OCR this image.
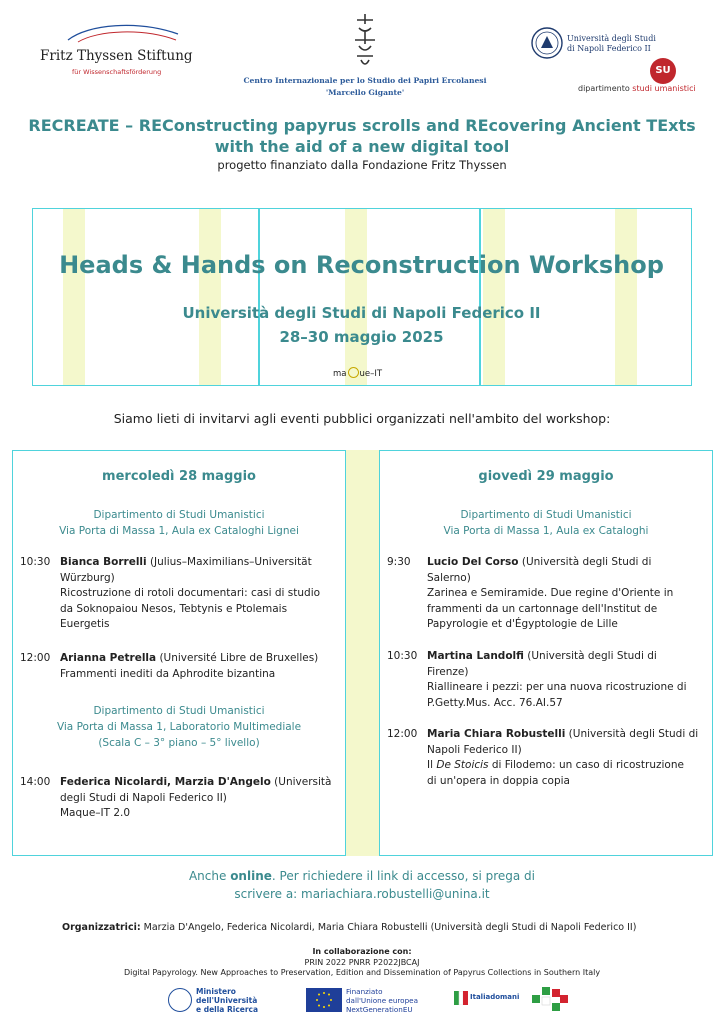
Fritz Thyssen Stiftung
für Wissenschaftsförderung
Centro Internazionale per lo Studio dei Papiri Ercolanesi
'Marcello Gigante'
Università degli Studi
di Napoli Federico II
SU
dipartimento studi umanistici
RECREATE – REConstructing papyrus scrolls and REcovering Ancient TExts
with the aid of a new digital tool
progetto finanziato dalla Fondazione Fritz Thyssen
Heads & Hands on Reconstruction Workshop
Università degli Studi di Napoli Federico II
28–30 maggio 2025
ma ue–IT
Siamo lieti di invitarvi agli eventi pubblici organizzati nell'ambito del workshop:
mercoledì 28 maggio
Dipartimento di Studi Umanistici
Via Porta di Massa 1, Aula ex Cataloghi Lignei
10:30 Bianca Borrelli (Julius–Maximilians–Universität
Würzburg)
Ricostruzione di rotoli documentari: casi di studio
da Soknopaiou Nesos, Tebtynis e Ptolemais
Euergetis
12:00 Arianna Petrella (Université Libre de Bruxelles)
Frammenti inediti da Aphrodite bizantina
Dipartimento di Studi Umanistici
Via Porta di Massa 1, Laboratorio Multimediale
(Scala C – 3° piano – 5° livello)
14:00 Federica Nicolardi, Marzia D'Angelo (Università
degli Studi di Napoli Federico II)
Maque–IT 2.0
giovedì 29 maggio
Dipartimento di Studi Umanistici
Via Porta di Massa 1, Aula ex Cataloghi
9:30	Lucio Del Corso (Università degli Studi di
Salerno)
Zarinea e Semiramide. Due regine d'Oriente in
frammenti da un cartonnage dell'Institut de
Papyrologie et d'Égyptologie de Lille
10:30 Martina Landolfi (Università degli Studi di
Firenze)
Riallineare i pezzi: per una nuova ricostruzione di
P.Getty.Mus. Acc. 76.AI.57
12:00 Maria Chiara Robustelli (Università degli Studi di
Napoli Federico II)
Il De Stoicis di Filodemo: un caso di ricostruzione
di un'opera in doppia copia
Anche online. Per richiedere il link di accesso, si prega di
scrivere a: mariachiara.robustelli@unina.it
Organizzatrici: Marzia D'Angelo, Federica Nicolardi, Maria Chiara Robustelli (Università degli Studi di Napoli Federico II)
In collaborazione con:
PRIN 2022 PNRR P2022JBCAJ
Digital Papyrology. New Approaches to Preservation, Edition and Dissemination of Papyrus Collections in Southern Italy
Ministero
dell'Università
e della Ricerca
Finanziato
dall'Unione europea
NextGenerationEU
Italiadomani
